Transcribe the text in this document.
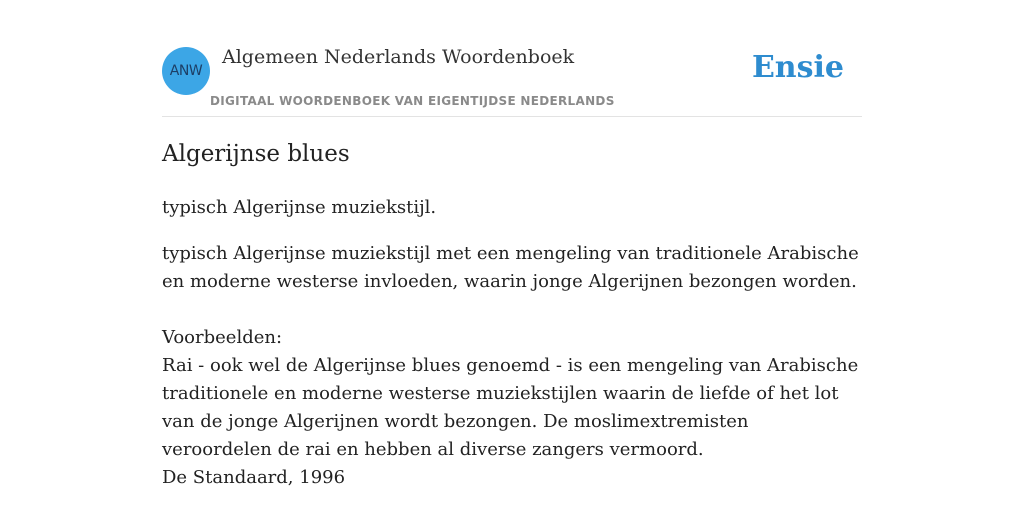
ANW
Algemeen Nederlands Woordenboek
DIGITAAL WOORDENBOEK VAN EIGENTIJDSE NEDERLANDS
Ensie
Algerijnse blues

typisch Algerijnse muziekstijl.

typisch Algerijnse muziekstijl met een mengeling van traditionele Arabische en moderne westerse invloeden, waarin jonge Algerijnen bezongen worden.
Voorbeelden:
Rai - ook wel de Algerijnse blues genoemd - is een mengeling van Arabische traditionele en moderne westerse muziekstijlen waarin de liefde of het lot van de jonge Algerijnen wordt bezongen. De moslimextremisten veroordelen de rai en hebben al diverse zangers vermoord.
De Standaard, 1996
